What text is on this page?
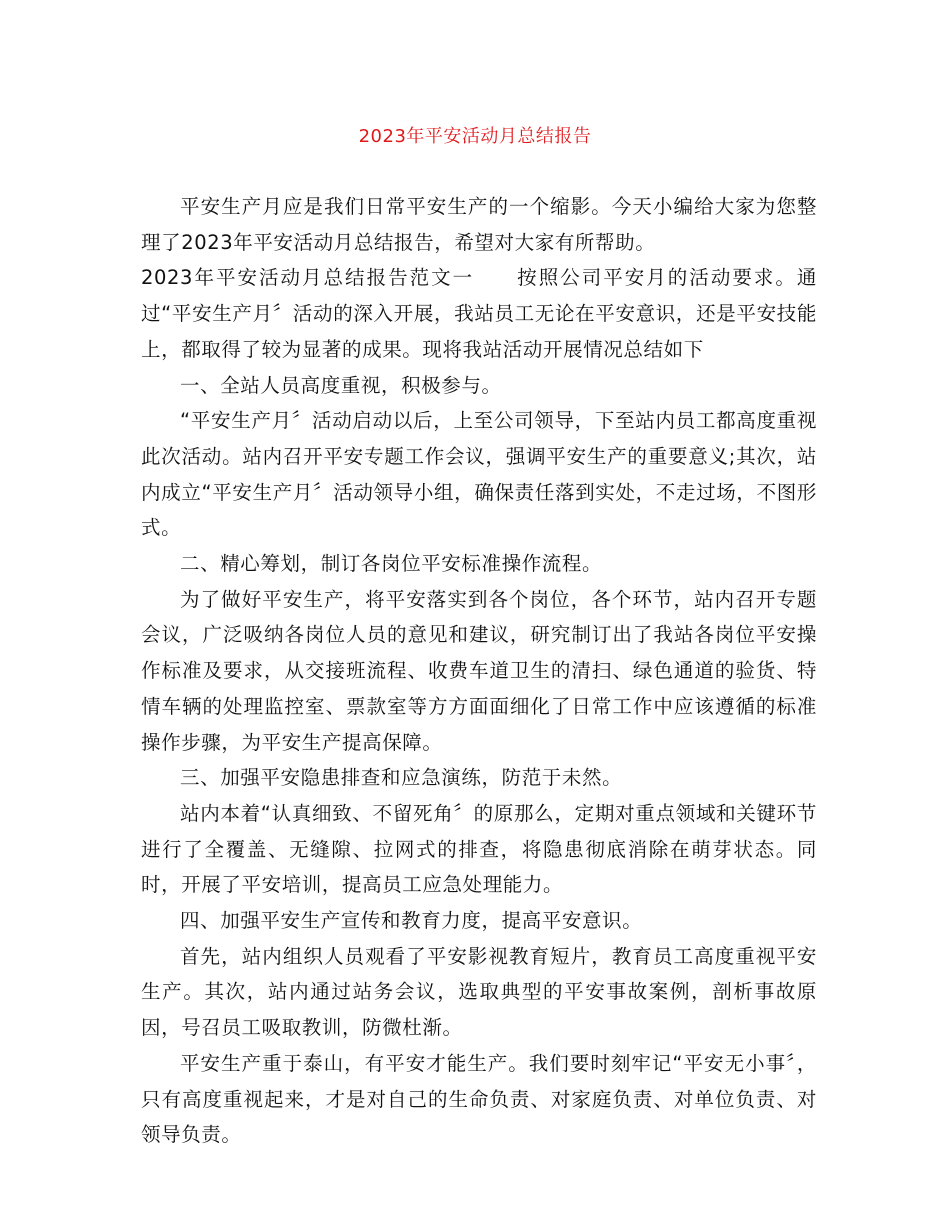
2023年平安活动月总结报告

平安生产月应是我们日常平安生产的一个缩影。今天小编给大家为您整理了2023年平安活动月总结报告，希望对大家有所帮助。

2023年平安活动月总结报告范文一　　按照公司平安月的活动要求。通过“平安生产月〞活动的深入开展，我站员工无论在平安意识，还是平安技能上，都取得了较为显著的成果。现将我站活动开展情况总结如下

一、全站人员高度重视，积极参与。

“平安生产月〞活动启动以后，上至公司领导，下至站内员工都高度重视此次活动。站内召开平安专题工作会议，强调平安生产的重要意义;其次，站内成立“平安生产月〞活动领导小组，确保责任落到实处，不走过场，不图形式。

二、精心筹划，制订各岗位平安标准操作流程。

为了做好平安生产，将平安落实到各个岗位，各个环节，站内召开专题会议，广泛吸纳各岗位人员的意见和建议，研究制订出了我站各岗位平安操作标准及要求，从交接班流程、收费车道卫生的清扫、绿色通道的验货、特情车辆的处理监控室、票款室等方方面面细化了日常工作中应该遵循的标准操作步骤，为平安生产提高保障。

三、加强平安隐患排查和应急演练，防范于未然。

站内本着“认真细致、不留死角〞的原那么，定期对重点领域和关键环节进行了全覆盖、无缝隙、拉网式的排查，将隐患彻底消除在萌芽状态。同时，开展了平安培训，提高员工应急处理能力。

四、加强平安生产宣传和教育力度，提高平安意识。

首先，站内组织人员观看了平安影视教育短片，教育员工高度重视平安生产。其次，站内通过站务会议，选取典型的平安事故案例，剖析事故原因，号召员工吸取教训，防微杜渐。

平安生产重于泰山，有平安才能生产。我们要时刻牢记“平安无小事〞，只有高度重视起来，才是对自己的生命负责、对家庭负责、对单位负责、对领导负责。
